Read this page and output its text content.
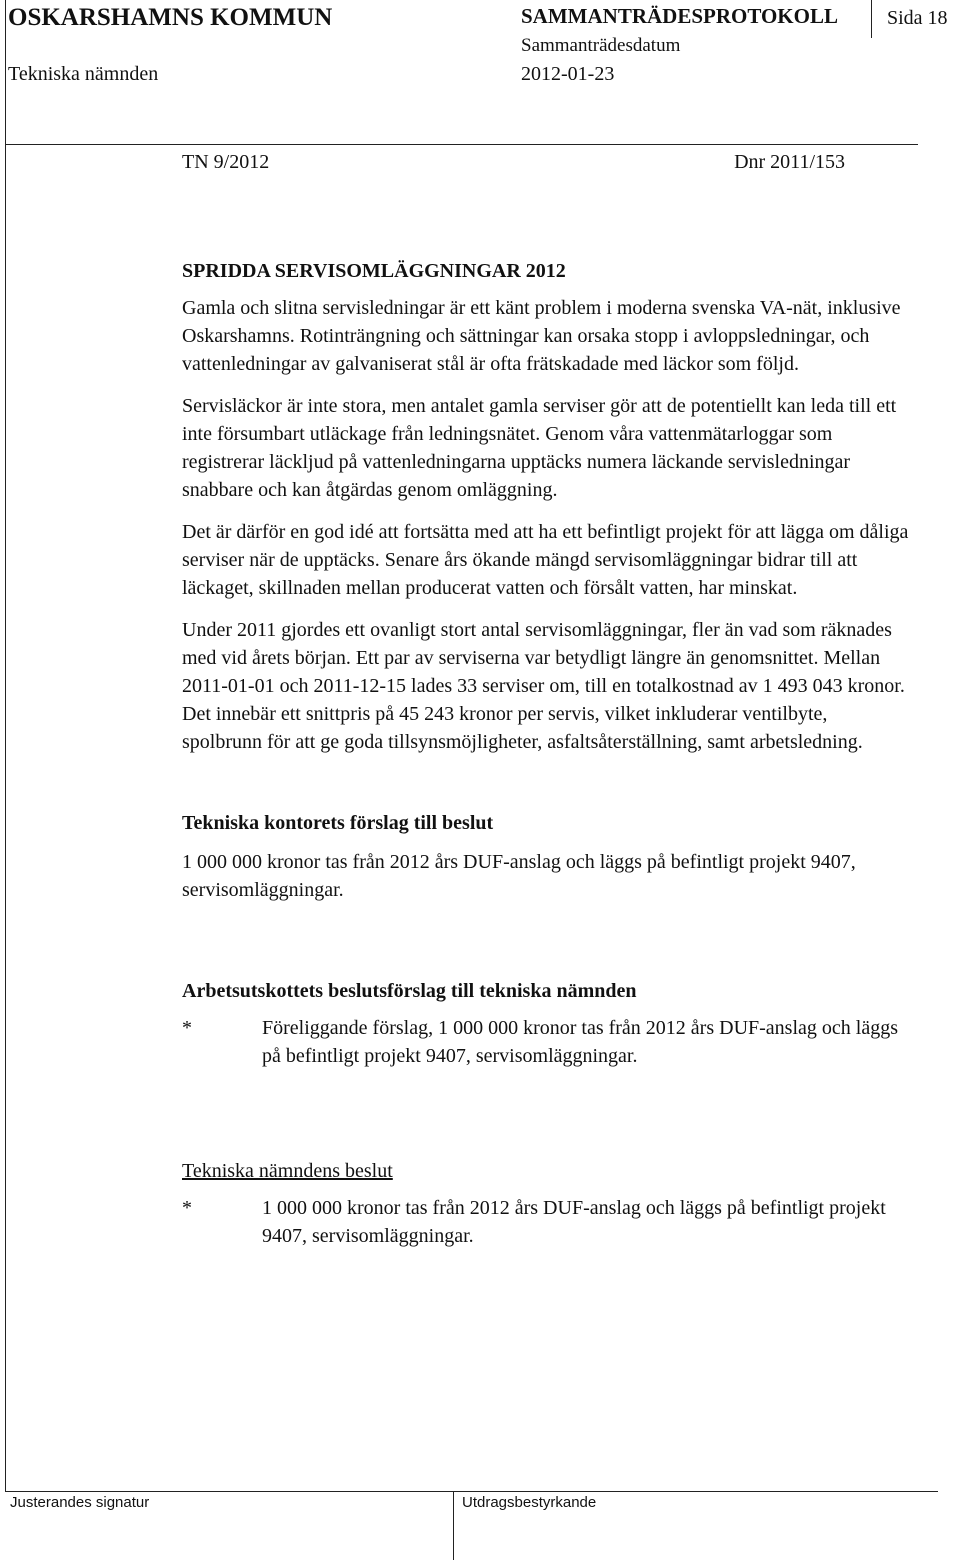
OSKARSHAMNS KOMMUN
Tekniska nämnden
SAMMANTRÄDESPROTOKOLL
Sammanträdesdatum
2012-01-23
Sida 18
TN 9/2012	Dnr 2011/153
SPRIDDA SERVISOMLÄGGNINGAR 2012

Gamla och slitna servisledningar är ett känt problem i moderna svenska VA-nät, inklusive Oskarshamns. Rotinträngning och sättningar kan orsaka stopp i avloppsledningar, och vattenledningar av galvaniserat stål är ofta frätskadade med läckor som följd.

Servisläckor är inte stora, men antalet gamla serviser gör att de potentiellt kan leda till ett inte försumbart utläckage från ledningsnätet. Genom våra vattenmätarloggar som registrerar läckljud på vattenledningarna upptäcks numera läckande servisledningar snabbare och kan åtgärdas genom omläggning.

Det är därför en god idé att fortsätta med att ha ett befintligt projekt för att lägga om dåliga serviser när de upptäcks. Senare års ökande mängd servisomläggningar bidrar till att läckaget, skillnaden mellan producerat vatten och försålt vatten, har minskat.

Under 2011 gjordes ett ovanligt stort antal servisomläggningar, fler än vad som räknades med vid årets början. Ett par av serviserna var betydligt längre än genomsnittet. Mellan 2011-01-01 och 2011-12-15 lades 33 serviser om, till en totalkostnad av 1 493 043 kronor. Det innebär ett snittpris på 45 243 kronor per servis, vilket inkluderar ventilbyte, spolbrunn för att ge goda tillsynsmöjligheter, asfaltsåterställning, samt arbetsledning.

Tekniska kontorets förslag till beslut

1 000 000 kronor tas från 2012 års DUF-anslag och läggs på befintligt projekt 9407, servisomläggningar.

Arbetsutskottets beslutsförslag till tekniska nämnden
*	Föreliggande förslag, 1 000 000 kronor tas från 2012 års DUF-anslag och läggs på befintligt projekt 9407, servisomläggningar.
Tekniska nämndens beslut
*	1 000 000 kronor tas från 2012 års DUF-anslag och läggs på befintligt projekt 9407, servisomläggningar.
Justerandes signatur	Utdragsbestyrkande
